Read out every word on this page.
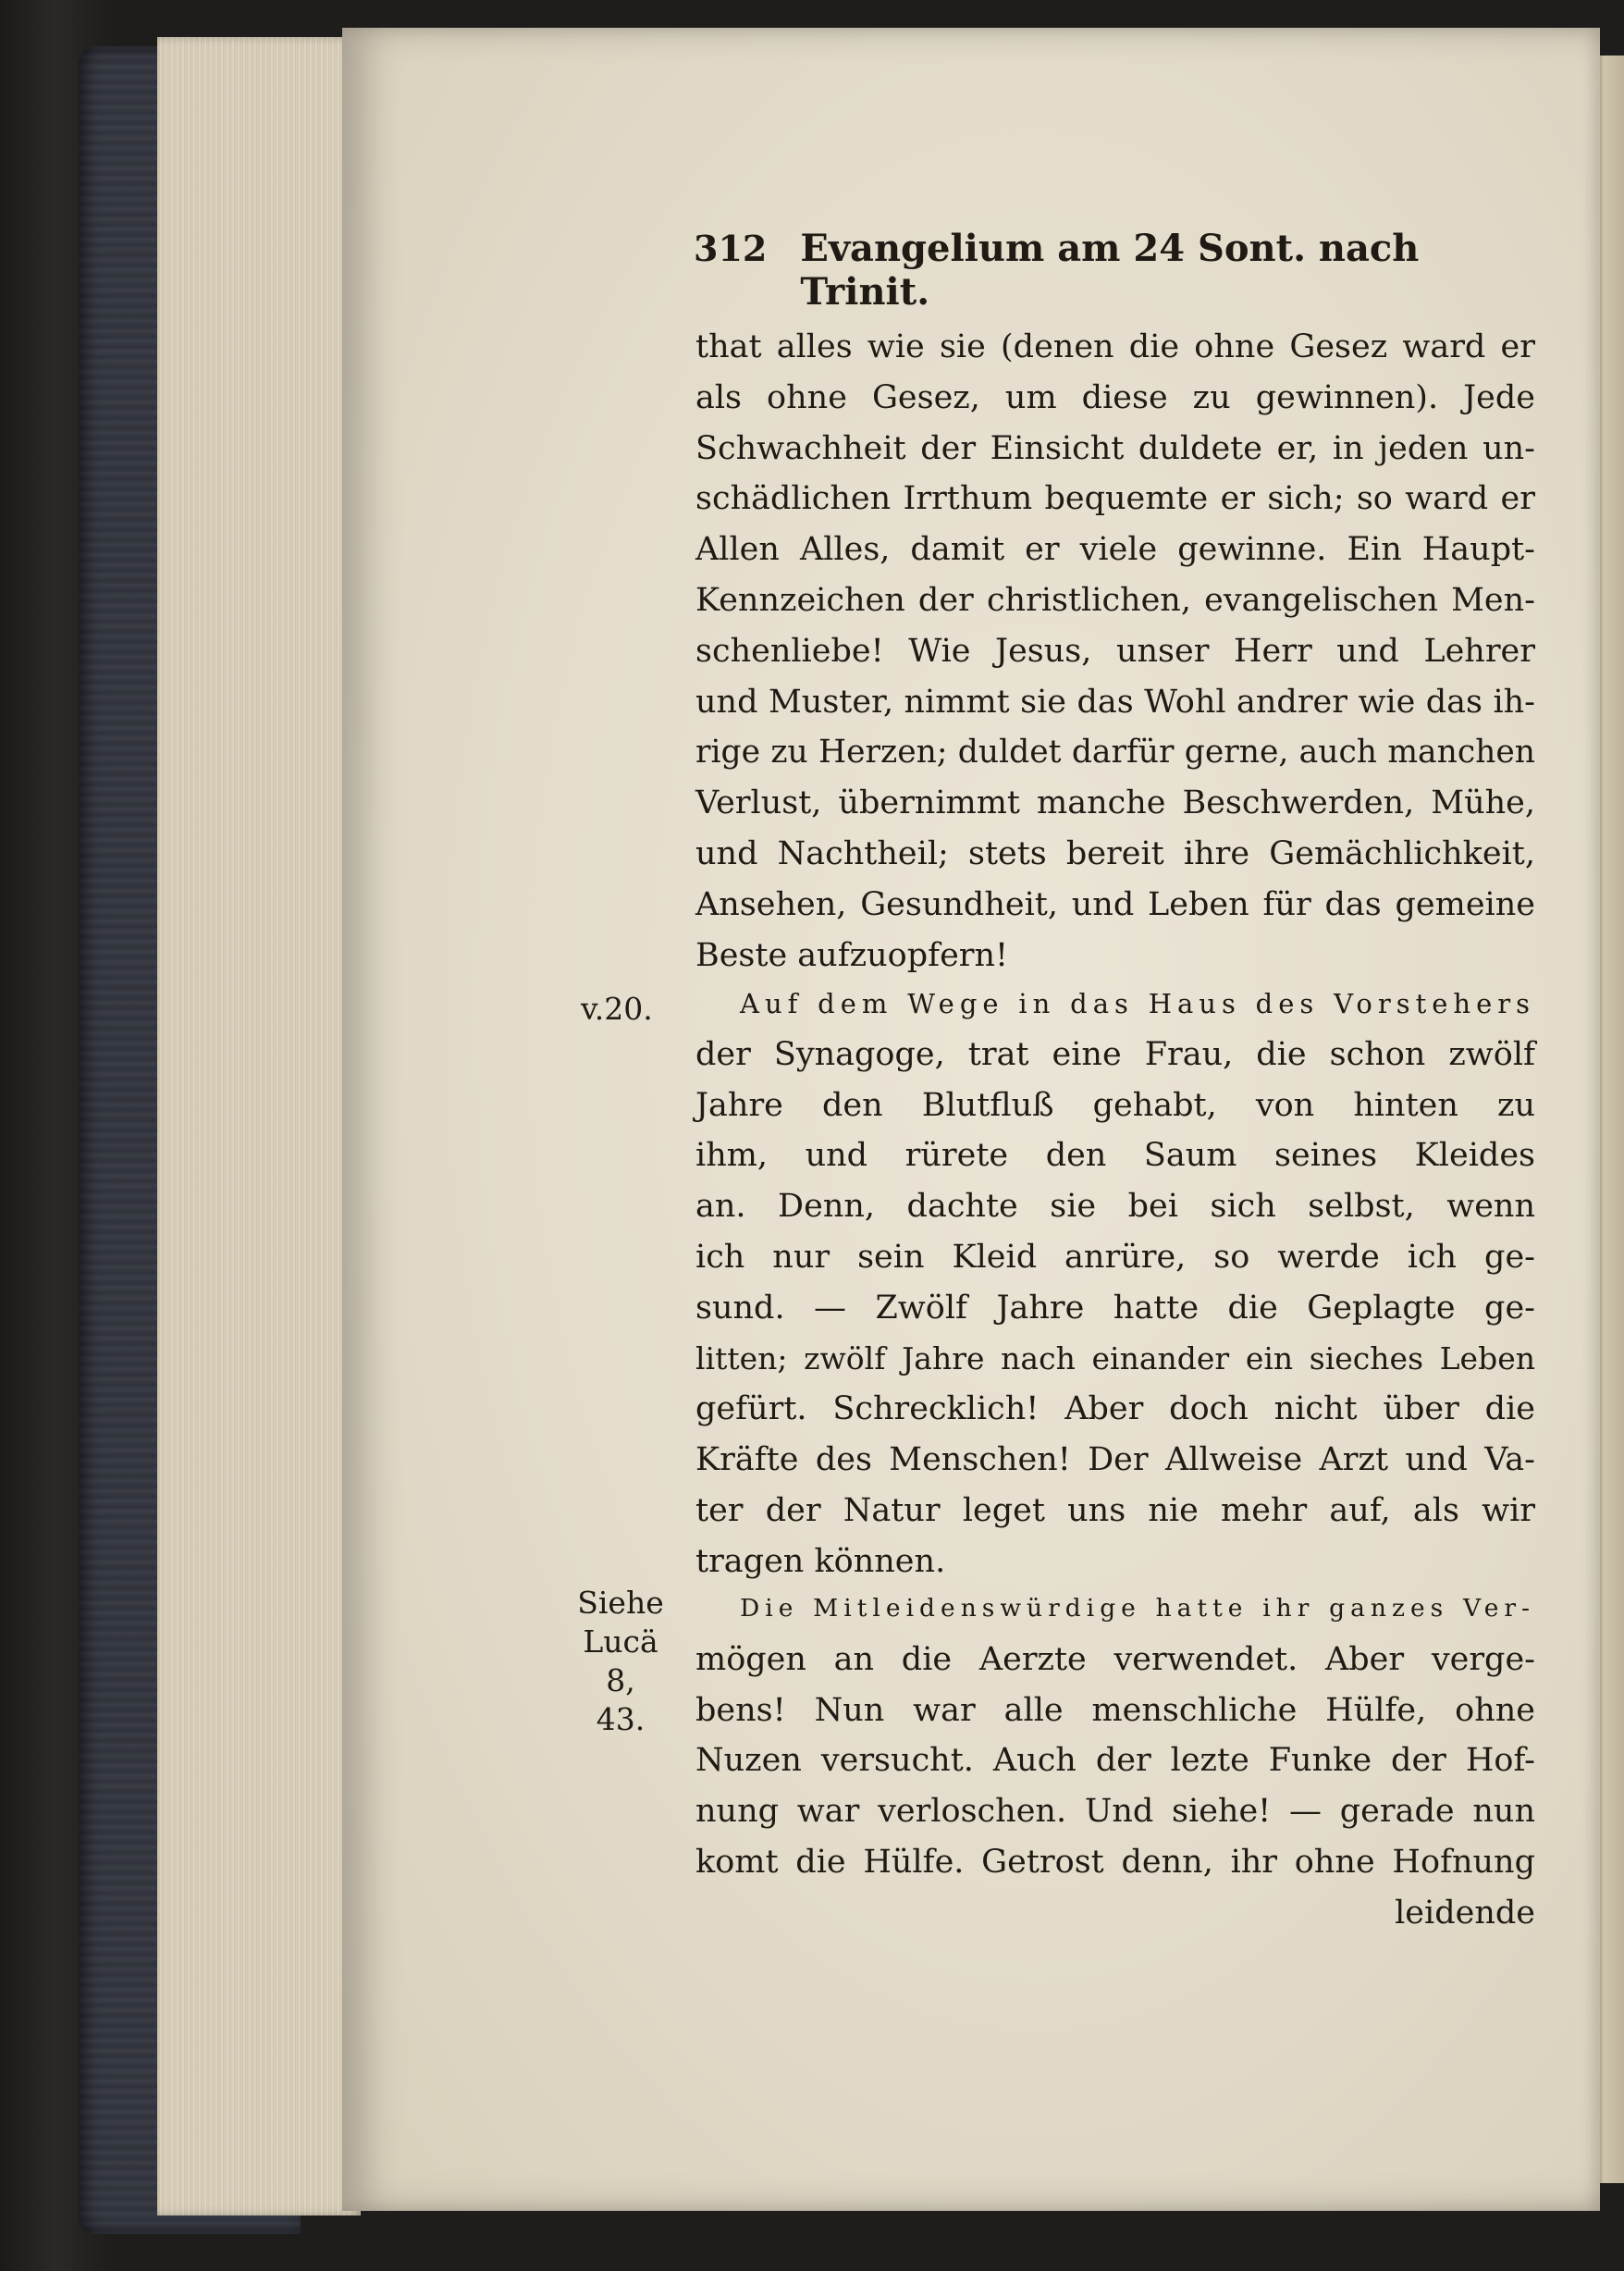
312 Evangelium am 24 Sont. nach Trinit.
v.20.
Siehe
Lucä 8,
43.
that alles wie sie (denen die ohne Gesez ward er
als ohne Gesez, um diese zu gewinnen). Jede
Schwachheit der Einsicht duldete er, in jeden un-
schädlichen Irrthum bequemte er sich; so ward er
Allen Alles, damit er viele gewinne. Ein Haupt-
Kennzeichen der christlichen, evangelischen Men-
schenliebe! Wie Jesus, unser Herr und Lehrer
und Muster, nimmt sie das Wohl andrer wie das ih-
rige zu Herzen; duldet darfür gerne, auch manchen
Verlust, übernimmt manche Beschwerden, Mühe,
und Nachtheil; stets bereit ihre Gemächlichkeit,
Ansehen, Gesundheit, und Leben für das gemeine
Beste aufzuopfern!
Auf dem Wege in das Haus des Vorstehers
der Synagoge, trat eine Frau, die schon zwölf
Jahre den Blutfluß gehabt, von hinten zu
ihm, und rürete den Saum seines Kleides
an. Denn, dachte sie bei sich selbst, wenn
ich nur sein Kleid anrüre, so werde ich ge-
sund. — Zwölf Jahre hatte die Geplagte ge-
litten; zwölf Jahre nach einander ein sieches Leben
gefürt. Schrecklich! Aber doch nicht über die
Kräfte des Menschen! Der Allweise Arzt und Va-
ter der Natur leget uns nie mehr auf, als wir
tragen können.
Die Mitleidenswürdige hatte ihr ganzes Ver-
mögen an die Aerzte verwendet. Aber verge-
bens! Nun war alle menschliche Hülfe, ohne
Nuzen versucht. Auch der lezte Funke der Hof-
nung war verloschen. Und siehe! — gerade nun
komt die Hülfe. Getrost denn, ihr ohne Hofnung
leidende
